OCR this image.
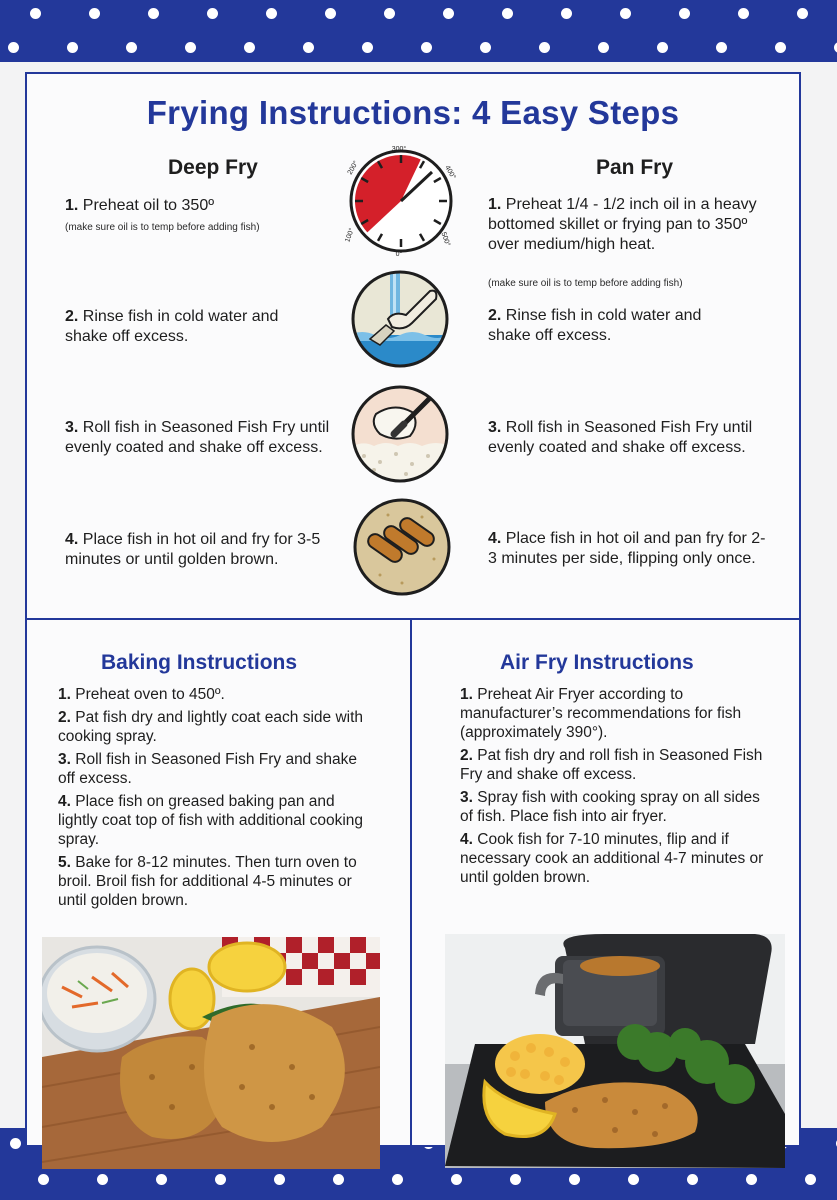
Frying Instructions: 4 Easy Steps
Deep Fry	Pan Fry
1. Preheat oil to 350º
(make sure oil is to temp before adding fish)
2. Rinse fish in cold water and shake off excess.
3. Roll fish in Seasoned Fish Fry until evenly coated and shake off excess.
4. Place fish in hot oil and fry for 3-5 minutes or until golden brown.
1. Preheat 1/4 - 1/2 inch oil in a heavy bottomed skillet or frying pan to 350º over medium/high heat.
(make sure oil is to temp before adding fish)
2. Rinse fish in cold water and shake off excess.
3. Roll fish in Seasoned Fish Fry until evenly coated and shake off excess.
4. Place fish in hot oil and pan fry for 2-3 minutes per side, flipping only once.
300°
200°	400°
100°	500°
0°
Baking Instructions
1. Preheat oven to 450º.
2. Pat fish dry and lightly coat each side with cooking spray.
3. Roll fish in Seasoned Fish Fry and shake off excess.
4. Place fish on greased baking pan and lightly coat top of fish with additional cooking spray.
5. Bake for 8-12 minutes. Then turn oven to broil. Broil fish for additional 4-5 minutes or until golden brown.
Air Fry Instructions
1. Preheat Air Fryer according to manufacturer’s recommendations for fish (approximately 390°).
2. Pat fish dry and roll fish in Seasoned Fish Fry and shake off excess.
3. Spray fish with cooking spray on all sides of fish. Place fish into air fryer.
4. Cook fish for 7-10 minutes, flip and if necessary cook an additional 4-7 minutes or until golden brown.
